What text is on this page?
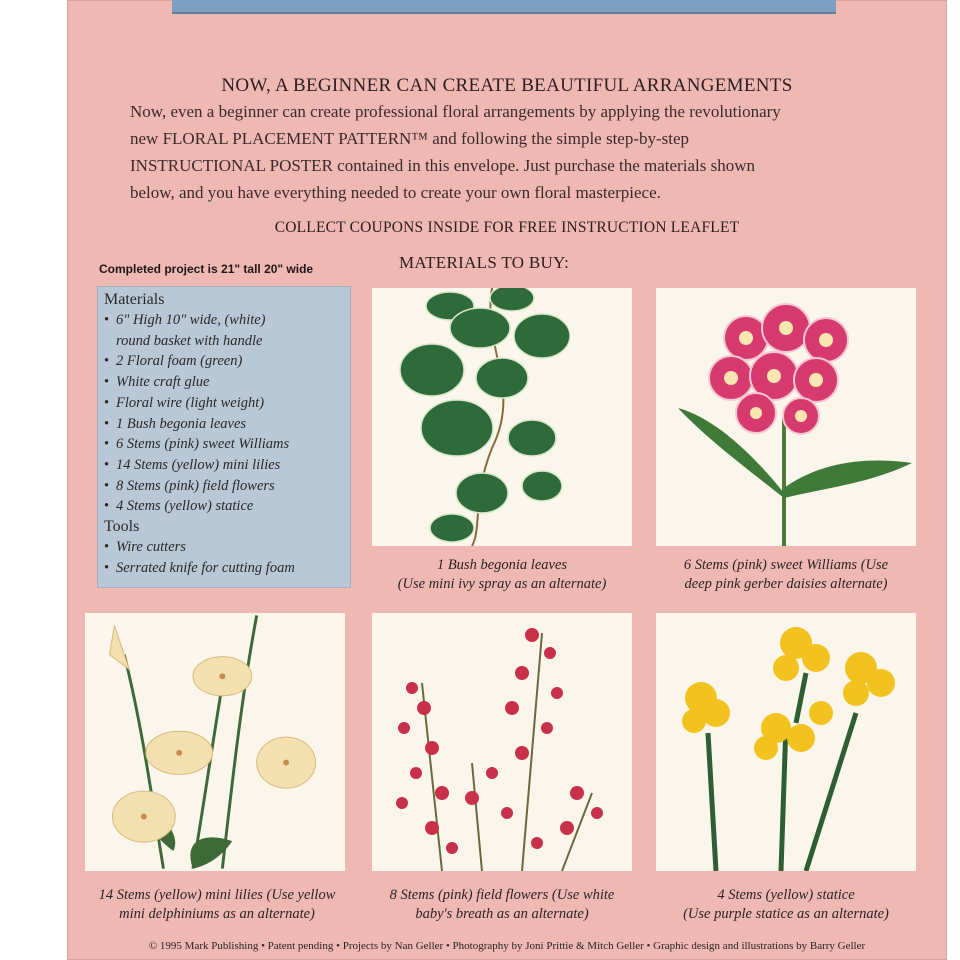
NOW, A BEGINNER CAN CREATE BEAUTIFUL ARRANGEMENTS
Now, even a beginner can create professional floral arrangements by applying the revolutionary
new FLORAL PLACEMENT PATTERN™ and following the simple step-by-step
INSTRUCTIONAL POSTER contained in this envelope. Just purchase the materials shown
below, and you have everything needed to create your own floral masterpiece.
COLLECT COUPONS INSIDE FOR FREE INSTRUCTION LEAFLET
Completed project is 21" tall 20" wide	MATERIALS TO BUY:
Materials
• 6" High 10" wide, (white)
round basket with handle
• 2 Floral foam (green)
• White craft glue
• Floral wire (light weight)
• 1 Bush begonia leaves
• 6 Stems (pink) sweet Williams
• 14 Stems (yellow) mini lilies
• 8 Stems (pink) field flowers
• 4 Stems (yellow) statice
Tools
• Wire cutters
• Serrated knife for cutting foam	1 Bush begonia leaves
(Use mini ivy spray as an alternate)
6 Stems (pink) sweet Williams (Use
deep pink gerber daisies alternate)
14 Stems (yellow) mini lilies (Use yellow
mini delphiniums as an alternate)
8 Stems (pink) field flowers (Use white
baby's breath as an alternate)
4 Stems (yellow) statice
(Use purple statice as an alternate)
© 1995 Mark Publishing • Patent pending • Projects by Nan Geller • Photography by Joni Prittie & Mitch Geller • Graphic design and illustrations by Barry Geller
